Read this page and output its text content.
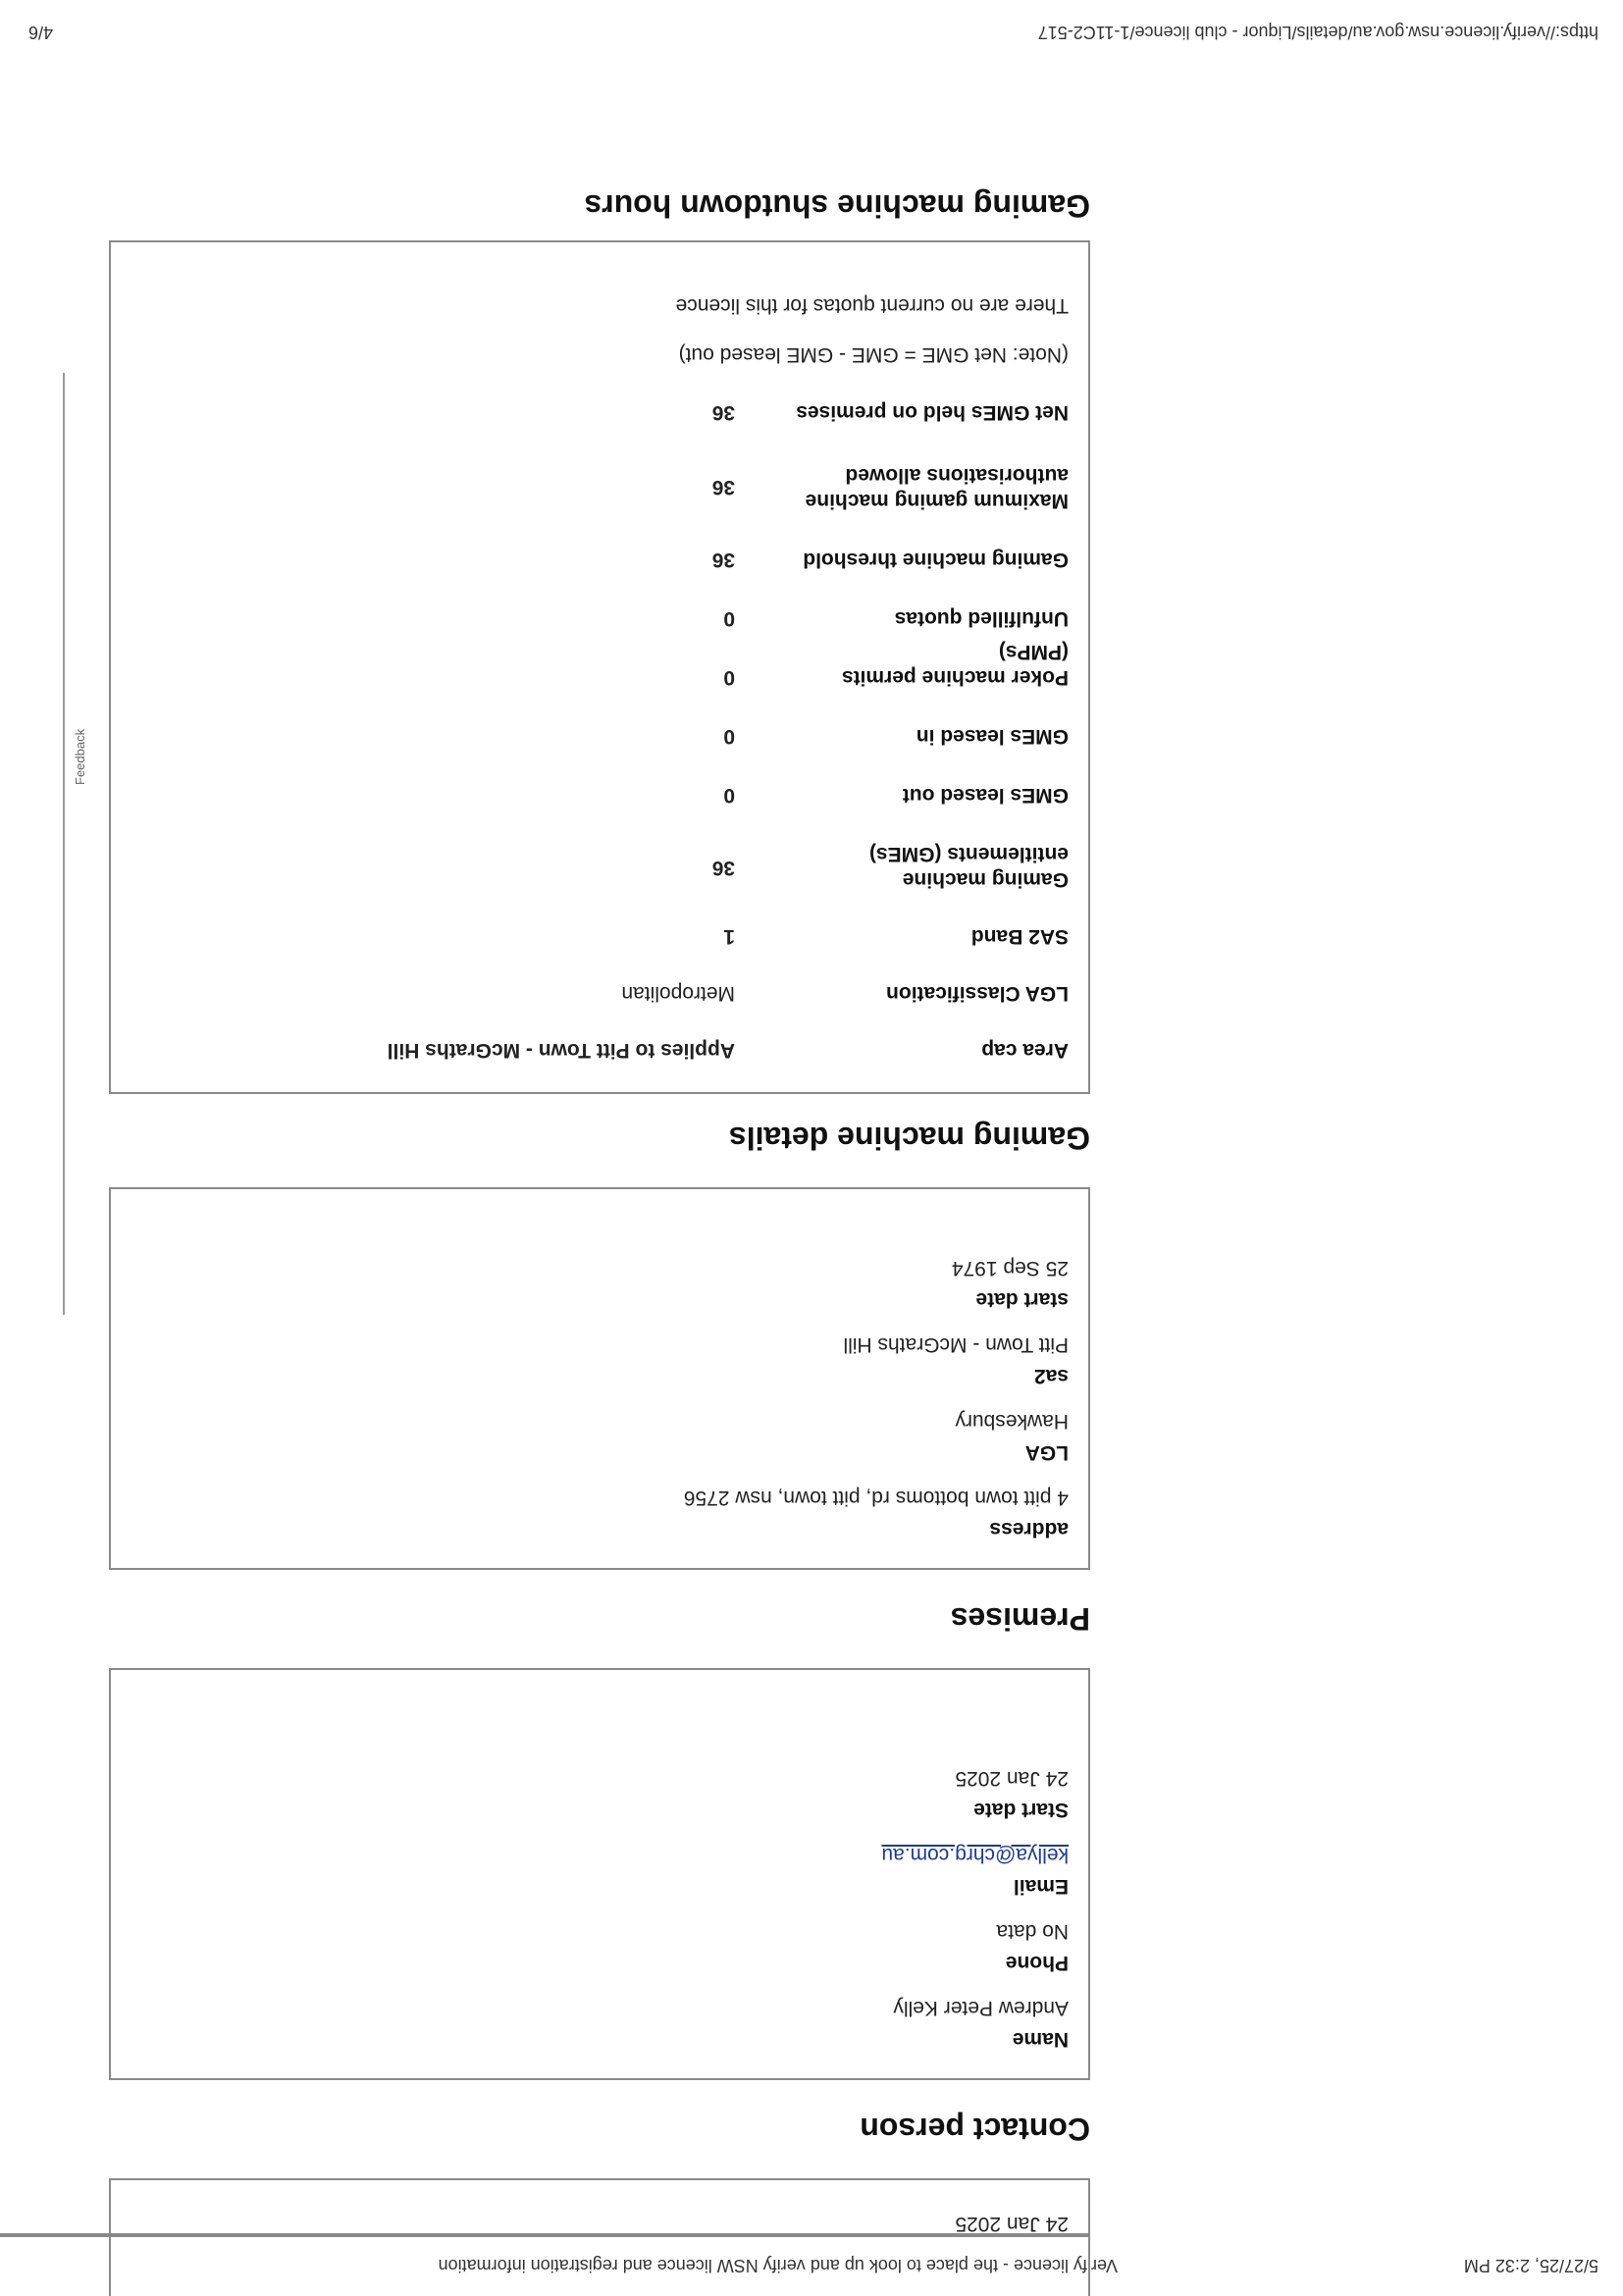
5/27/25, 2:32 PM
Verify licence - the place to look up and verify NSW licence and registration information
24 Jan 2025
Contact person
Name
Andrew Peter Kelly
Phone
No data
Email
kellya@chrg.com.au
Start date
24 Jan 2025
Premises
address
4 pitt town bottoms rd, pitt town, nsw 2756
LGA
Hawkesbury
sa2
Pitt Town - McGraths Hill
start date
25 Sep 1974
Gaming machine details
Area cap
Applies to Pitt Town - McGraths Hill
LGA Classification
Metropolitan
SA2 Band
1
Gaming machine entitlements (GMEs)
36
GMEs leased out
0
GMEs leased in
0
Poker machine permits (PMPs)
0
Unfulfilled quotas
0
Gaming machine threshold
36
Maximum gaming machine authorisations allowed
36
Net GMEs held on premises
36
(Note: Net GME = GME - GME leased out)
There are no current quotas for this licence
Gaming machine shutdown hours
Feedback
https://verify.licence.nsw.gov.au/details/Liquor - club licence/1-11C2-517
4/6
